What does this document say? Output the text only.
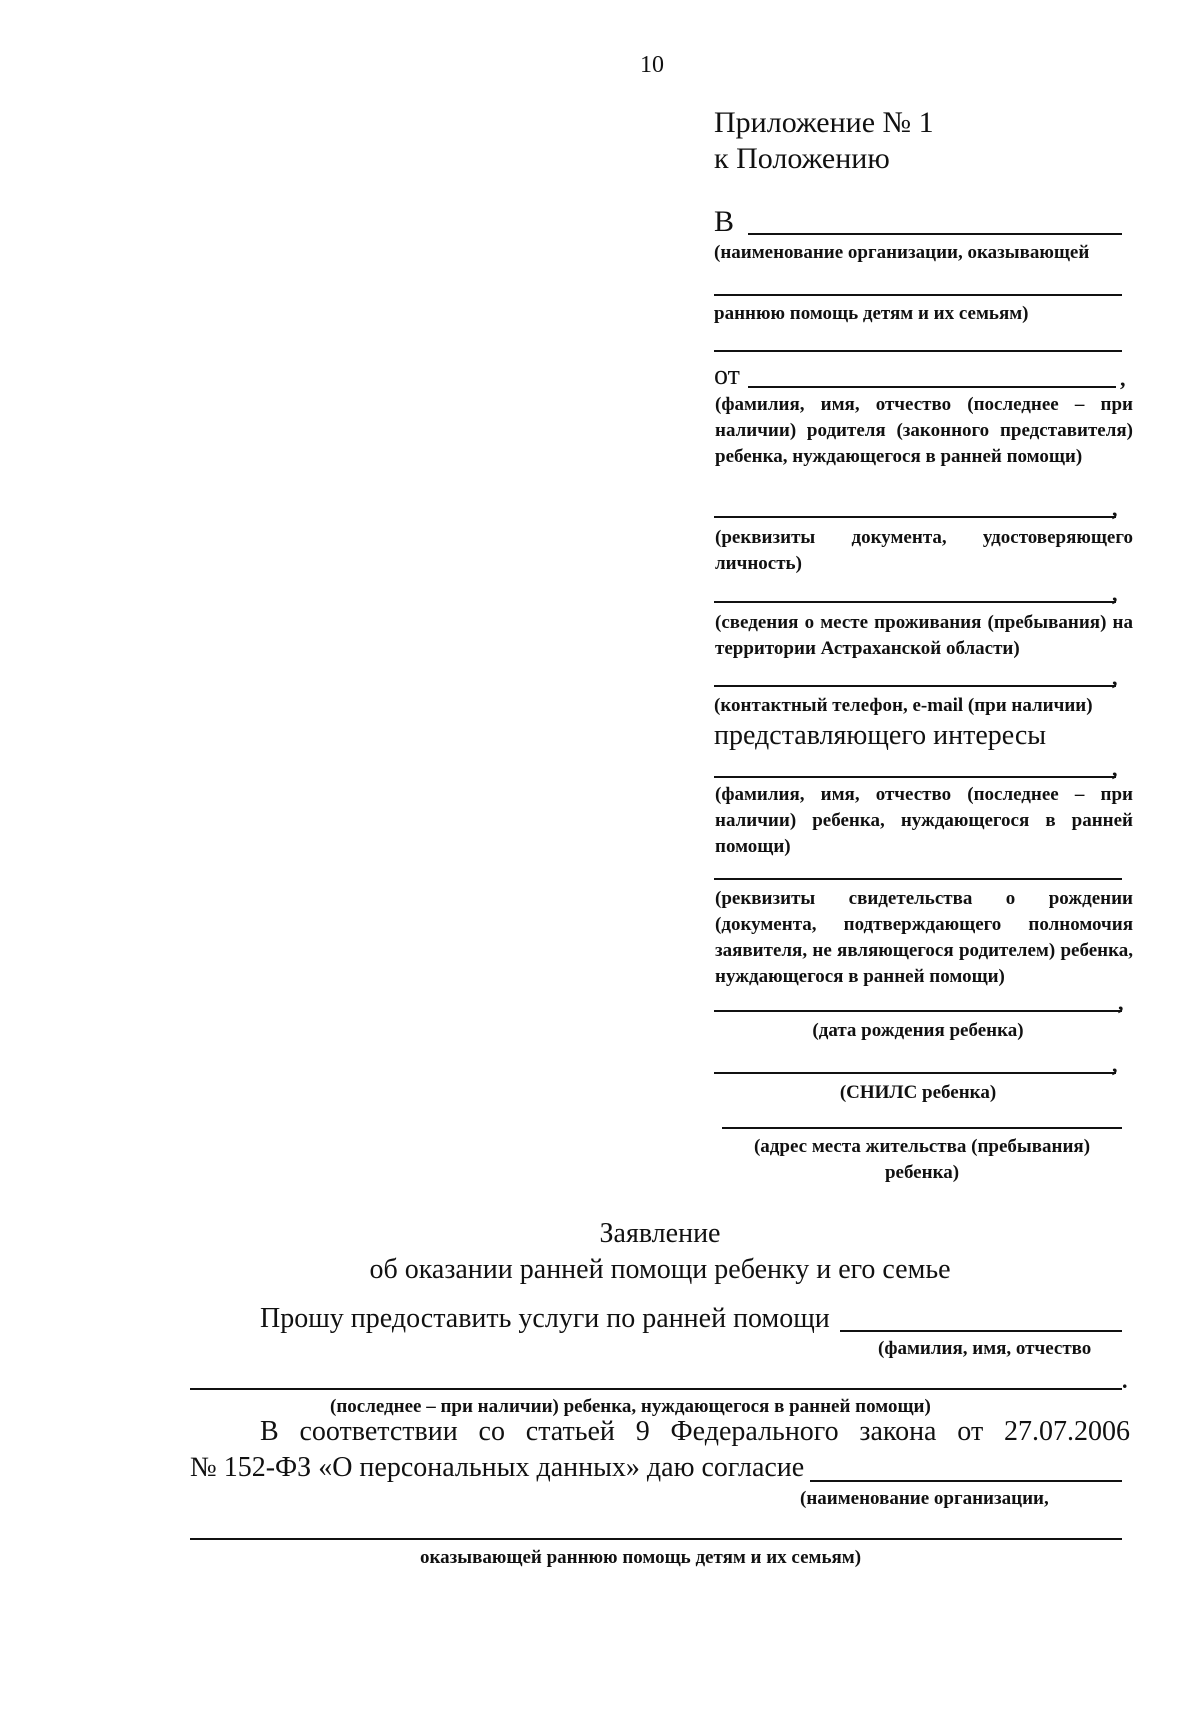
10
Приложение № 1
к Положению
В
(наименование организации, оказывающей
раннюю помощь детям и их семьям)
от	,
(фамилия, имя, отчество (последнее – при наличии) родителя (законного представителя) ребенка, нуждающегося в ранней помощи)
,
(реквизиты документа, удостоверяющего личность)
,
(сведения о месте проживания (пребывания) на территории Астраханской области)
,
(контактный телефон, e-mail (при наличии)
представляющего интересы
,
(фамилия, имя, отчество (последнее – при наличии) ребенка, нуждающегося в ранней помощи)
(реквизиты свидетельства о рождении (документа, подтверждающего полномочия заявителя, не являющегося родителем) ребенка, нуждающегося в ранней помощи)
,
(дата рождения ребенка)
,
(СНИЛС ребенка)
(адрес места жительства (пребывания) ребенка)
Заявление
об оказании ранней помощи ребенку и его семье
Прошу предоставить услуги по ранней помощи
(фамилия, имя, отчество
.
(последнее – при наличии) ребенка, нуждающегося в ранней помощи)
В соответствии со статьей 9 Федерального закона от 27.07.2006
№ 152-ФЗ «О персональных данных» даю согласие
(наименование организации,
оказывающей раннюю помощь детям и их семьям)
